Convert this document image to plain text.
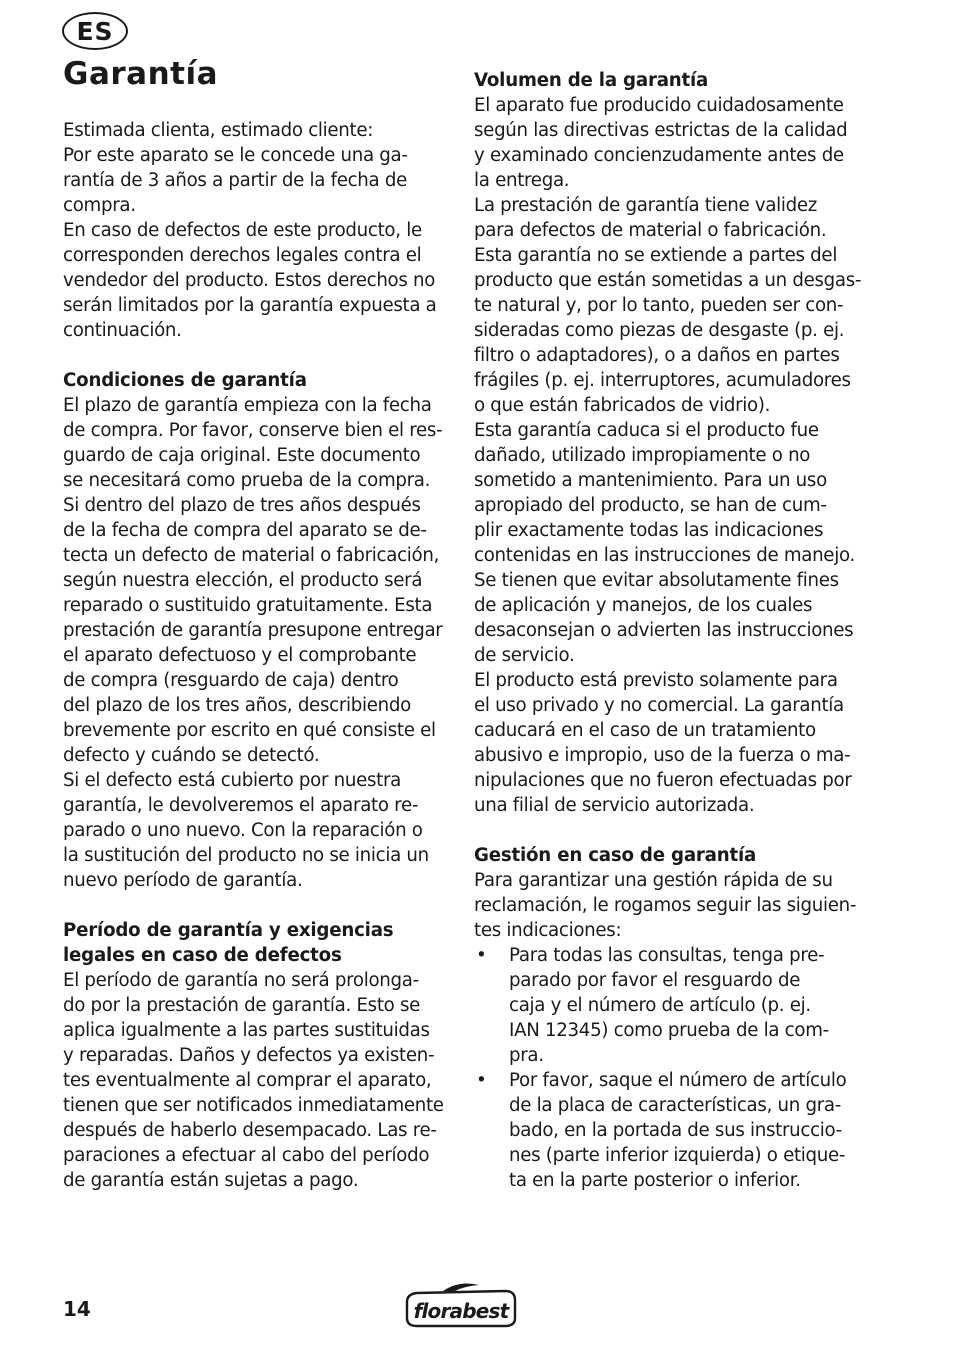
ES
Garantía

Estimada clienta, estimado cliente:
Por este aparato se le concede una ga-
rantía de 3 años a partir de la fecha de
compra.
En caso de defectos de este producto, le
corresponden derechos legales contra el
vendedor del producto. Estos derechos no
serán limitados por la garantía expuesta a
continuación.

Condiciones de garantía

El plazo de garantía empieza con la fecha
de compra. Por favor, conserve bien el res-
guardo de caja original. Este documento
se necesitará como prueba de la compra.
Si dentro del plazo de tres años después
de la fecha de compra del aparato se de-
tecta un defecto de material o fabricación,
según nuestra elección, el producto será
reparado o sustituido gratuitamente. Esta
prestación de garantía presupone entregar
el aparato defectuoso y el comprobante
de compra (resguardo de caja) dentro
del plazo de los tres años, describiendo
brevemente por escrito en qué consiste el
defecto y cuándo se detectó.
Si el defecto está cubierto por nuestra
garantía, le devolveremos el aparato re-
parado o uno nuevo. Con la reparación o
la sustitución del producto no se inicia un
nuevo período de garantía.

Período de garantía y exigencias
legales en caso de defectos

El período de garantía no será prolonga-
do por la prestación de garantía. Esto se
aplica igualmente a las partes sustituidas
y reparadas. Daños y defectos ya existen-
tes eventualmente al comprar el aparato,
tienen que ser notificados inmediatamente
después de haberlo desempacado. Las re-
paraciones a efectuar al cabo del período
de garantía están sujetas a pago.

Volumen de la garantía

El aparato fue producido cuidadosamente
según las directivas estrictas de la calidad
y examinado concienzudamente antes de
la entrega.
La prestación de garantía tiene validez
para defectos de material o fabricación.
Esta garantía no se extiende a partes del
producto que están sometidas a un desgas-
te natural y, por lo tanto, pueden ser con-
sideradas como piezas de desgaste (p. ej.
filtro o adaptadores), o a daños en partes
frágiles (p. ej. interruptores, acumuladores
o que están fabricados de vidrio).
Esta garantía caduca si el producto fue
dañado, utilizado impropiamente o no
sometido a mantenimiento. Para un uso
apropiado del producto, se han de cum-
plir exactamente todas las indicaciones
contenidas en las instrucciones de manejo.
Se tienen que evitar absolutamente fines
de aplicación y manejos, de los cuales
desaconsejan o advierten las instrucciones
de servicio.
El producto está previsto solamente para
el uso privado y no comercial. La garantía
caducará en el caso de un tratamiento
abusivo e impropio, uso de la fuerza o ma-
nipulaciones que no fueron efectuadas por
una filial de servicio autorizada.

Gestión en caso de garantía

Para garantizar una gestión rápida de su
reclamación, le rogamos seguir las siguien-
tes indicaciones:

• Para todas las consultas, tenga pre-
parado por favor el resguardo de
caja y el número de artículo (p. ej.
IAN 12345) como prueba de la com-
pra.
• Por favor, saque el número de artículo
de la placa de características, un gra-
bado, en la portada de sus instruccio-
nes (parte inferior izquierda) o etique-
ta en la parte posterior o inferior.
14	florabest
